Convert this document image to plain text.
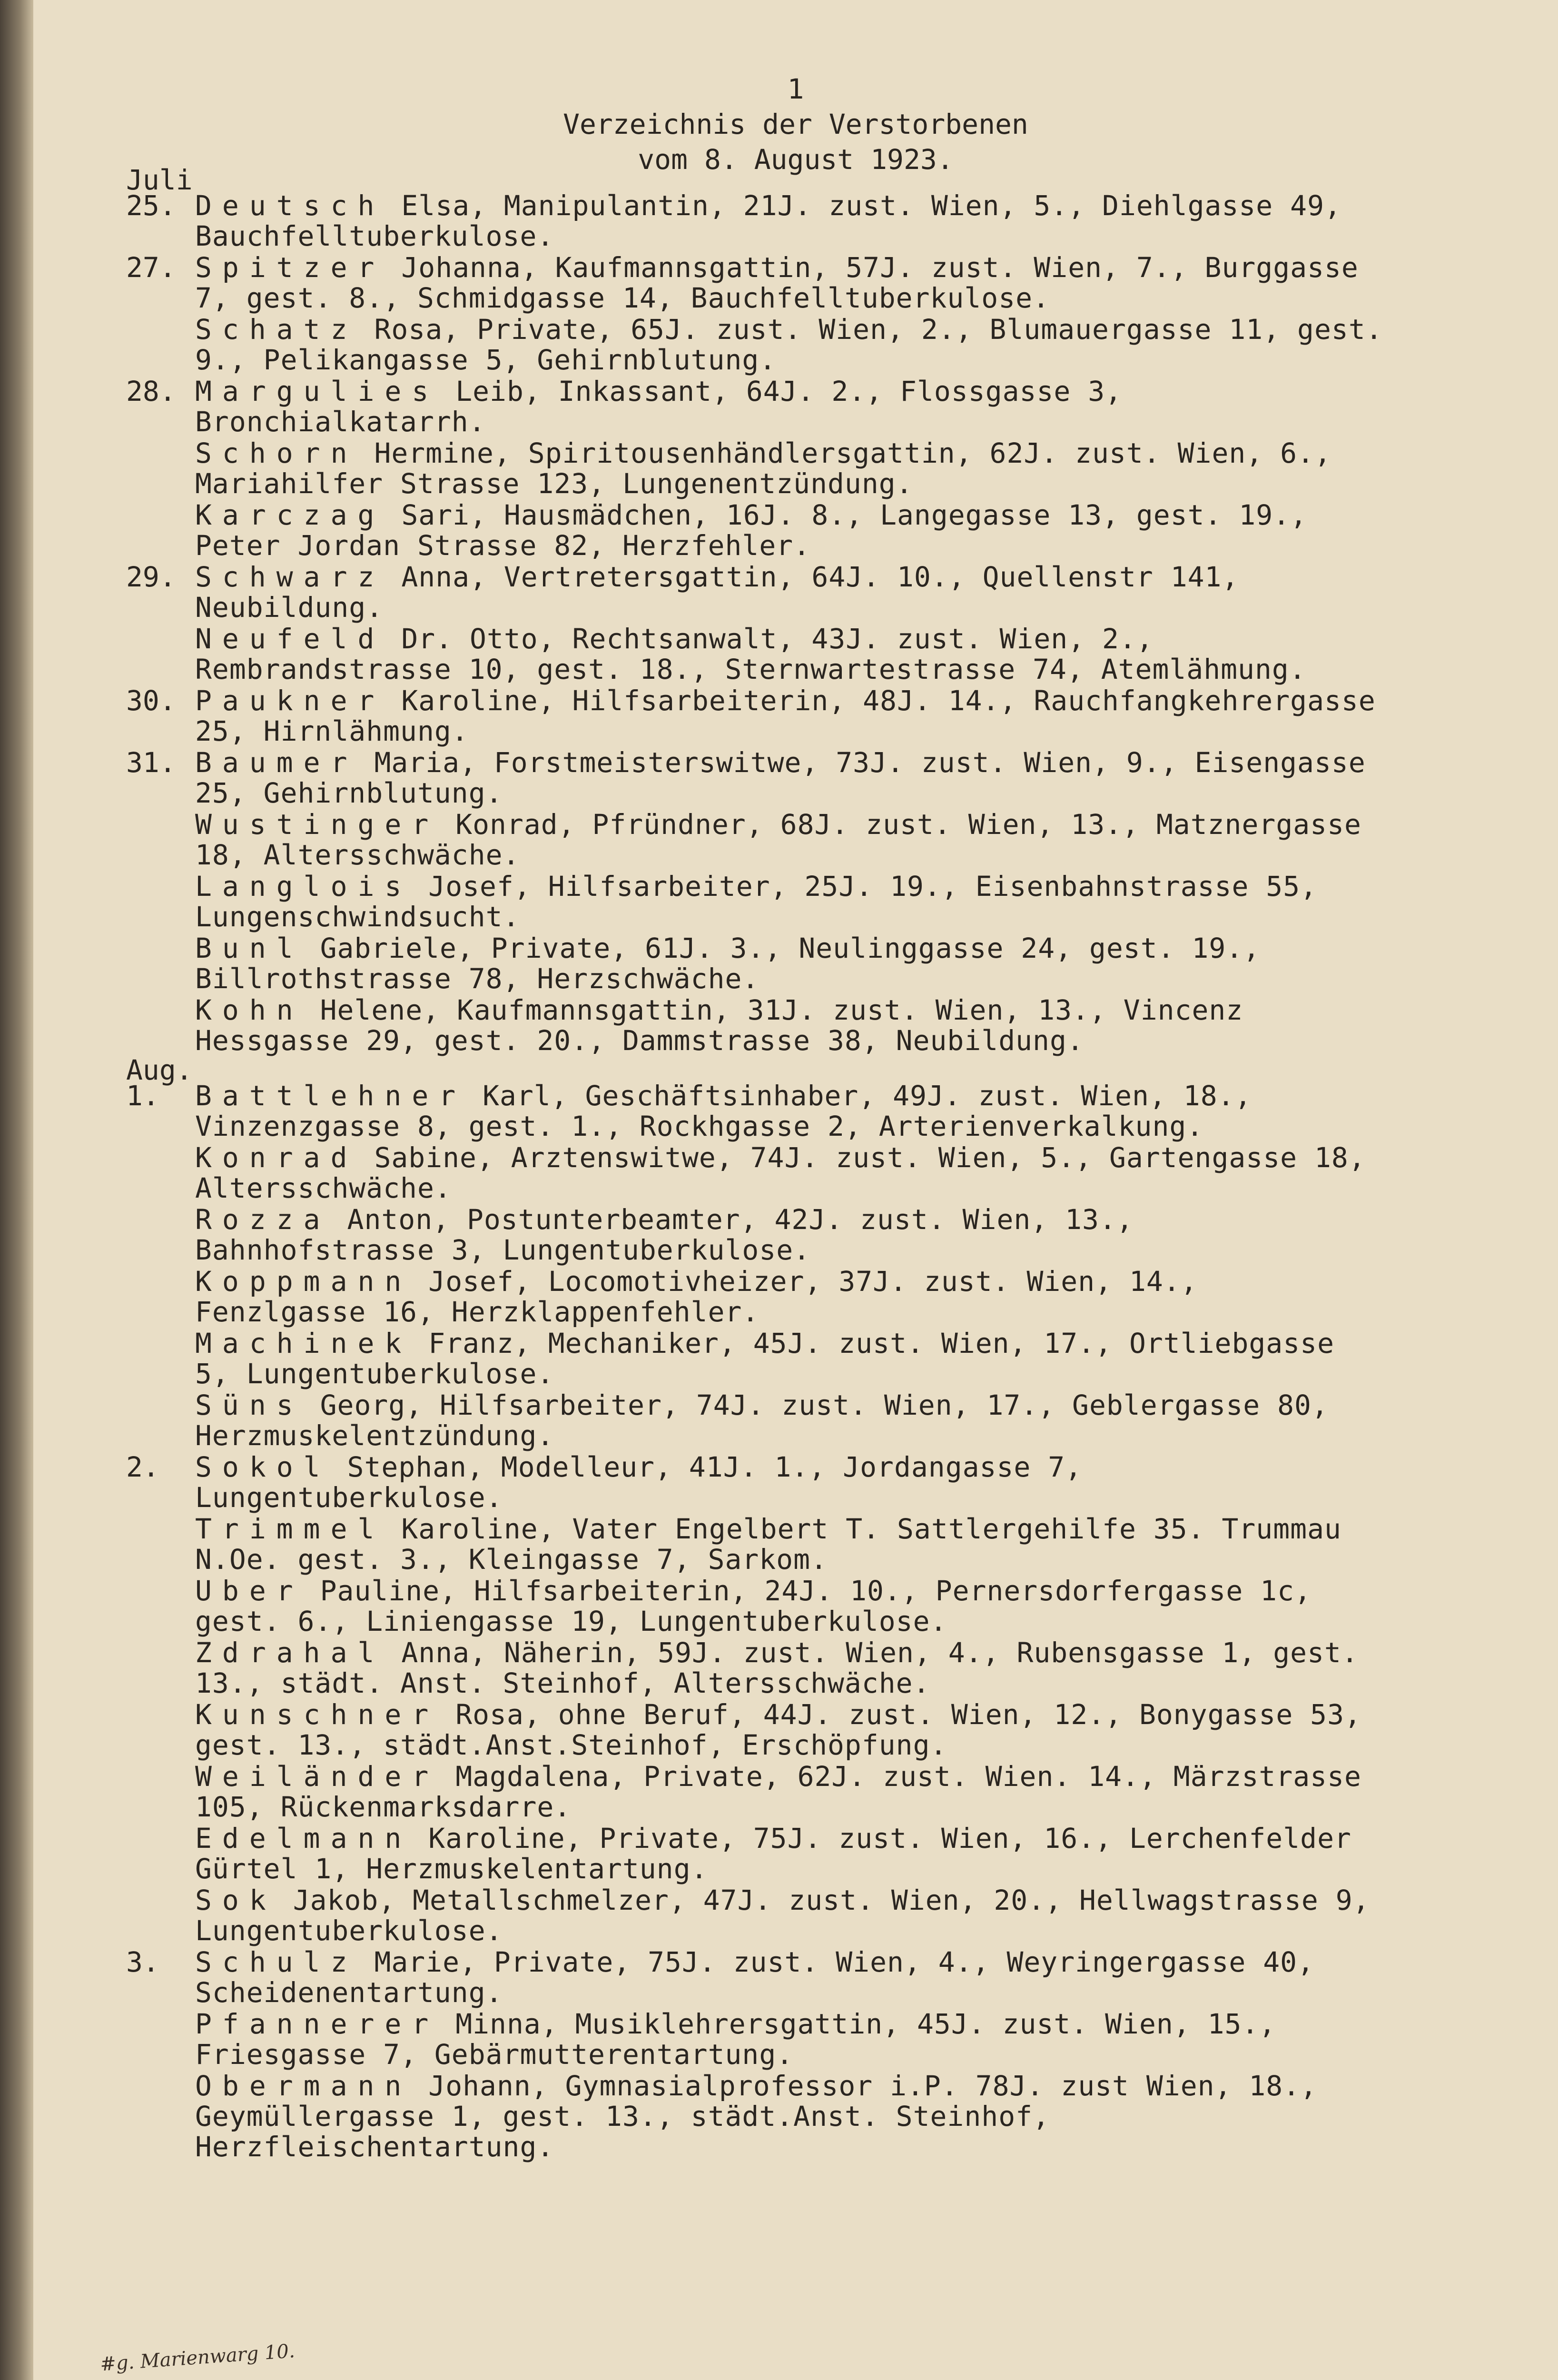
1
Verzeichnis der Verstorbenen
vom 8. August 1923.
Juli
25. Deutsch Elsa, Manipulantin, 21J. zust. Wien, 5., Diehlgasse 49, Bauchfelltuberkulose.
27. Spitzer Johanna, Kaufmannsgattin, 57J. zust. Wien, 7., Burggasse 7, gest. 8., Schmidgasse 14, Bauchfelltuberkulose.
Schatz Rosa, Private, 65J. zust. Wien, 2., Blumauergasse 11, gest. 9., Pelikangasse 5, Gehirnblutung.
28. Margulies Leib, Inkassant, 64J. 2., Flossgasse 3, Bronchialkatarrh.
Schorn Hermine, Spiritousenhändlersgattin, 62J. zust. Wien, 6., Mariahilfer Strasse 123, Lungenentzündung.
Karczag Sari, Hausmädchen, 16J. 8., Langegasse 13, gest. 19., Peter Jordan Strasse 82, Herzfehler.
29. Schwarz Anna, Vertretersgattin, 64J. 10., Quellenstr 141, Neubildung.
Neufeld Dr. Otto, Rechtsanwalt, 43J. zust. Wien, 2., Rembrandstrasse 10, gest. 18., Sternwartestrasse 74, Atemlähmung.
30. Paukner Karoline, Hilfsarbeiterin, 48J. 14., Rauchfangkehrergasse 25, Hirnlähmung.
31. Baumer Maria, Forstmeisterswitwe, 73J. zust. Wien, 9., Eisengasse 25, Gehirnblutung.
Wustinger Konrad, Pfründner, 68J. zust. Wien, 13., Matznergasse 18, Altersschwäche.
Langlois Josef, Hilfsarbeiter, 25J. 19., Eisenbahnstrasse 55, Lungenschwindsucht.
Bunl Gabriele, Private, 61J. 3., Neulinggasse 24, gest. 19., Billrothstrasse 78, Herzschwäche.
Kohn Helene, Kaufmannsgattin, 31J. zust. Wien, 13., Vincenz Hessgasse 29, gest. 20., Dammstrasse 38, Neubildung.
Aug.
1.	Battlehner Karl, Geschäftsinhaber, 49J. zust. Wien, 18., Vinzenzgasse 8, gest. 1., Rockhgasse 2, Arterienverkalkung.
Konrad Sabine, Arztenswitwe, 74J. zust. Wien, 5., Gartengasse 18, Altersschwäche.
Rozza Anton, Postunterbeamter, 42J. zust. Wien, 13., Bahnhofstrasse 3, Lungentuberkulose.
Koppmann Josef, Locomotivheizer, 37J. zust. Wien, 14., Fenzlgasse 16, Herzklappenfehler.
Machinek Franz, Mechaniker, 45J. zust. Wien, 17., Ortliebgasse 5, Lungentuberkulose.
Süns Georg, Hilfsarbeiter, 74J. zust. Wien, 17., Geblergasse 80, Herzmuskelentzündung.
2.	Sokol Stephan, Modelleur, 41J. 1., Jordangasse 7, Lungentuberkulose.
Trimmel Karoline, Vater Engelbert T. Sattlergehilfe 35. Trummau N.Oe. gest. 3., Kleingasse 7, Sarkom.
Uber Pauline, Hilfsarbeiterin, 24J. 10., Pernersdorfergasse 1c, gest. 6., Liniengasse 19, Lungentuberkulose.
Zdrahal Anna, Näherin, 59J. zust. Wien, 4., Rubensgasse 1, gest. 13., städt. Anst. Steinhof, Altersschwäche.
Kunschner Rosa, ohne Beruf, 44J. zust. Wien, 12., Bonygasse 53, gest. 13., städt.Anst.Steinhof, Erschöpfung.
Weiländer Magdalena, Private, 62J. zust. Wien. 14., Märzstrasse 105, Rückenmarksdarre.
Edelmann Karoline, Private, 75J. zust. Wien, 16., Lerchenfelder Gürtel 1, Herzmuskelentartung.
Sok Jakob, Metallschmelzer, 47J. zust. Wien, 20., Hellwagstrasse 9, Lungentuberkulose.
3.	Schulz Marie, Private, 75J. zust. Wien, 4., Weyringergasse 40, Scheidenentartung.
Pfannerer Minna, Musiklehrersgattin, 45J. zust. Wien, 15., Friesgasse 7, Gebärmutterentartung.
Obermann Johann, Gymnasialprofessor i.P. 78J. zust Wien, 18., Geymüllergasse 1, gest. 13., städt.Anst. Steinhof, Herzfleischentartung.
#g. Marienwarg 10.
